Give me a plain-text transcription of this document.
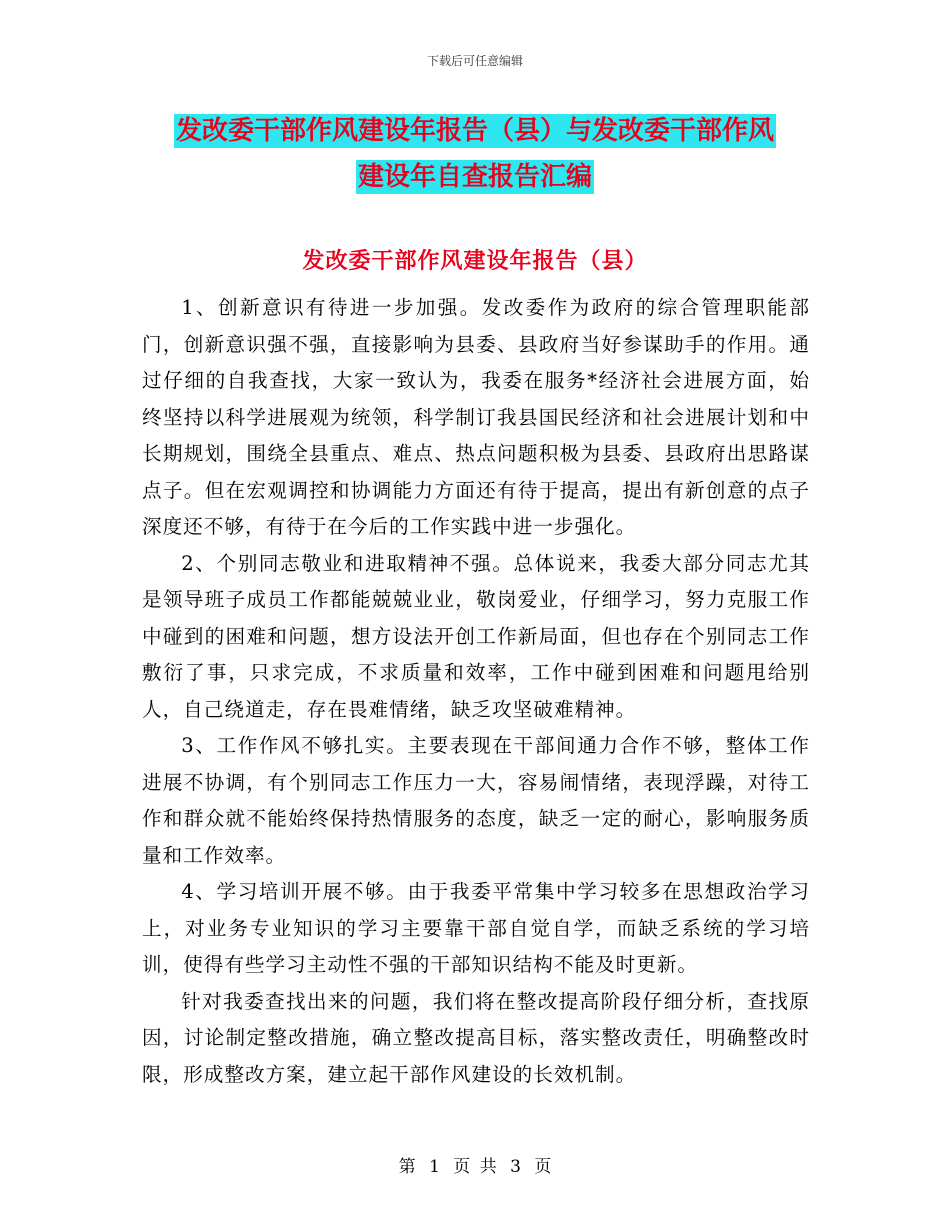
下载后可任意编辑
发改委干部作风建设年报告（县）与发改委干部作风
建设年自查报告汇编
发改委干部作风建设年报告（县）

1、创新意识有待进一步加强。发改委作为政府的综合管理职能部门，创新意识强不强，直接影响为县委、县政府当好参谋助手的作用。通过仔细的自我查找，大家一致认为，我委在服务*经济社会进展方面，始终坚持以科学进展观为统领，科学制订我县国民经济和社会进展计划和中长期规划，围绕全县重点、难点、热点问题积极为县委、县政府出思路谋点子。但在宏观调控和协调能力方面还有待于提高，提出有新创意的点子深度还不够，有待于在今后的工作实践中进一步强化。

2、个别同志敬业和进取精神不强。总体说来，我委大部分同志尤其是领导班子成员工作都能兢兢业业，敬岗爱业，仔细学习，努力克服工作中碰到的困难和问题，想方设法开创工作新局面，但也存在个别同志工作敷衍了事，只求完成，不求质量和效率，工作中碰到困难和问题甩给别人，自己绕道走，存在畏难情绪，缺乏攻坚破难精神。

3、工作作风不够扎实。主要表现在干部间通力合作不够，整体工作进展不协调，有个别同志工作压力一大，容易闹情绪，表现浮躁，对待工作和群众就不能始终保持热情服务的态度，缺乏一定的耐心，影响服务质量和工作效率。

4、学习培训开展不够。由于我委平常集中学习较多在思想政治学习上，对业务专业知识的学习主要靠干部自觉自学，而缺乏系统的学习培训，使得有些学习主动性不强的干部知识结构不能及时更新。

针对我委查找出来的问题，我们将在整改提高阶段仔细分析，查找原因，讨论制定整改措施，确立整改提高目标，落实整改责任，明确整改时限，形成整改方案，建立起干部作风建设的长效机制。

第 1 页 共 3 页
